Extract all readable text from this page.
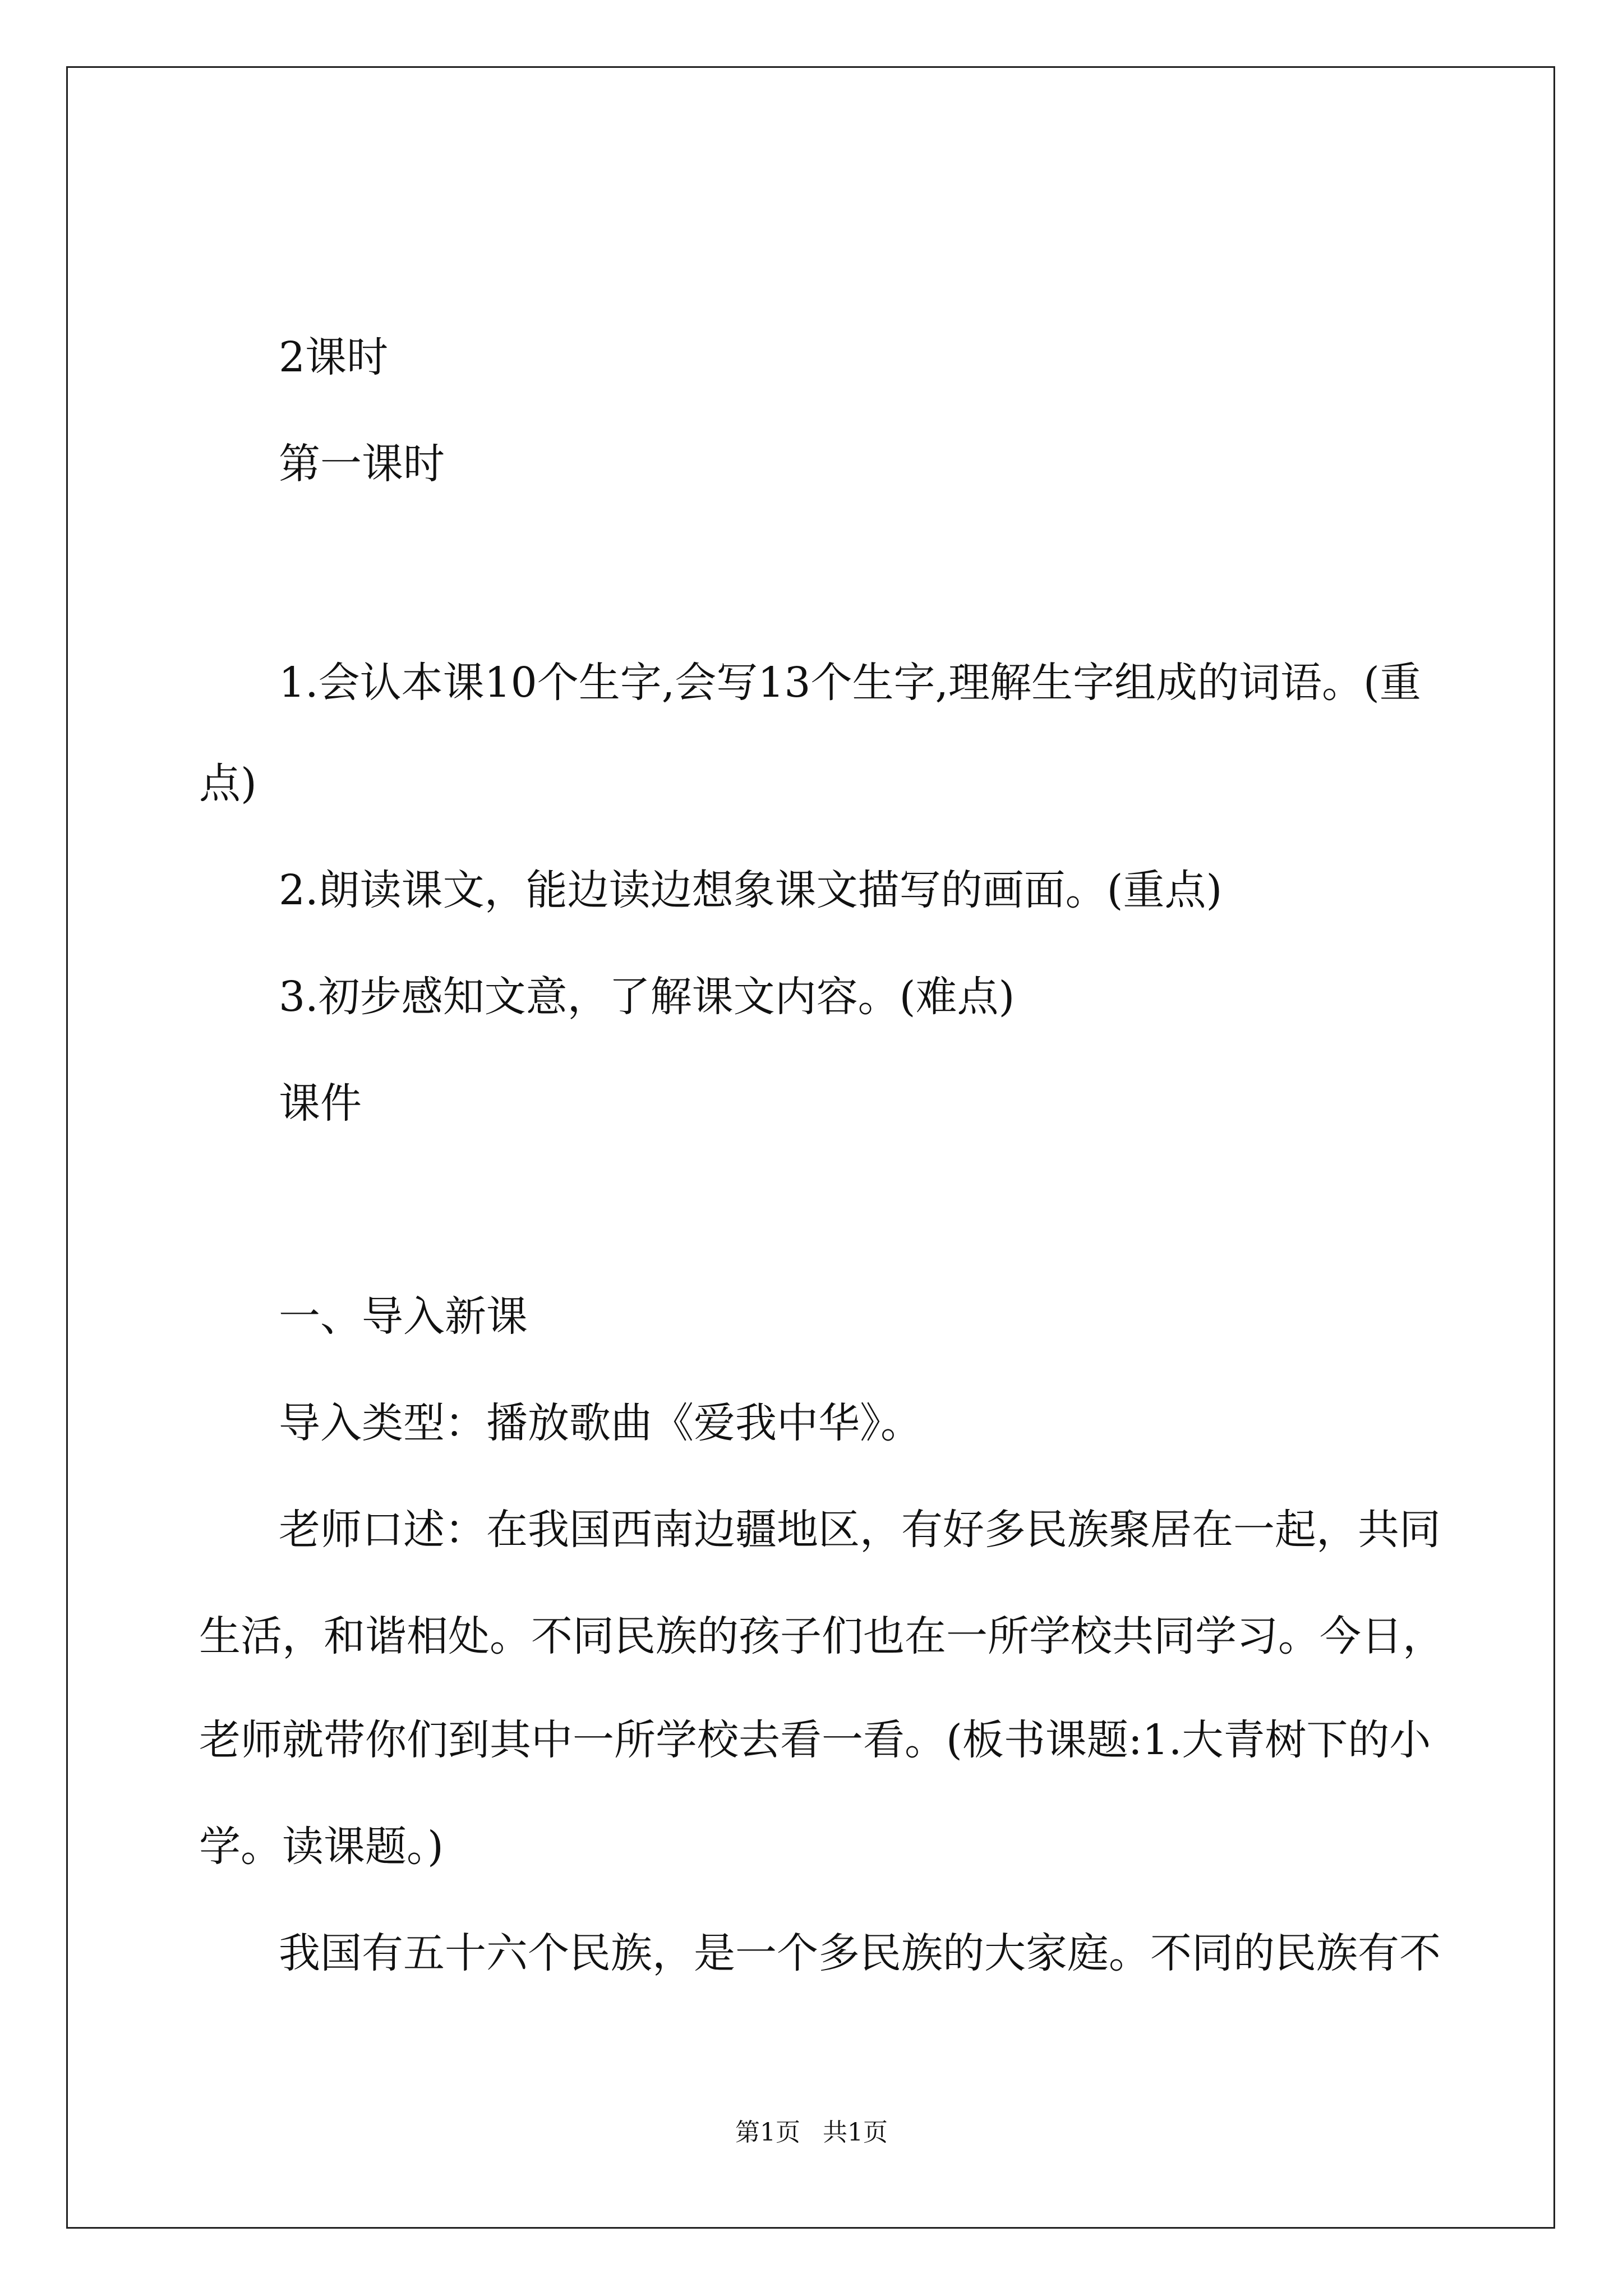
2课时
第一课时
1.会认本课10个生字,会写13个生字,理解生字组成的词语。(重
点)
2.朗读课文，能边读边想象课文描写的画面。(重点)
3.初步感知文意，了解课文内容。(难点)
课件
一、导入新课
导入类型：播放歌曲《爱我中华》。
老师口述：在我国西南边疆地区，有好多民族聚居在一起，共同
生活，和谐相处。不同民族的孩子们也在一所学校共同学习。今日，
老师就带你们到其中一所学校去看一看。(板书课题:1.大青树下的小
学。读课题。)
我国有五十六个民族，是一个多民族的大家庭。不同的民族有不
第1页 共1页
